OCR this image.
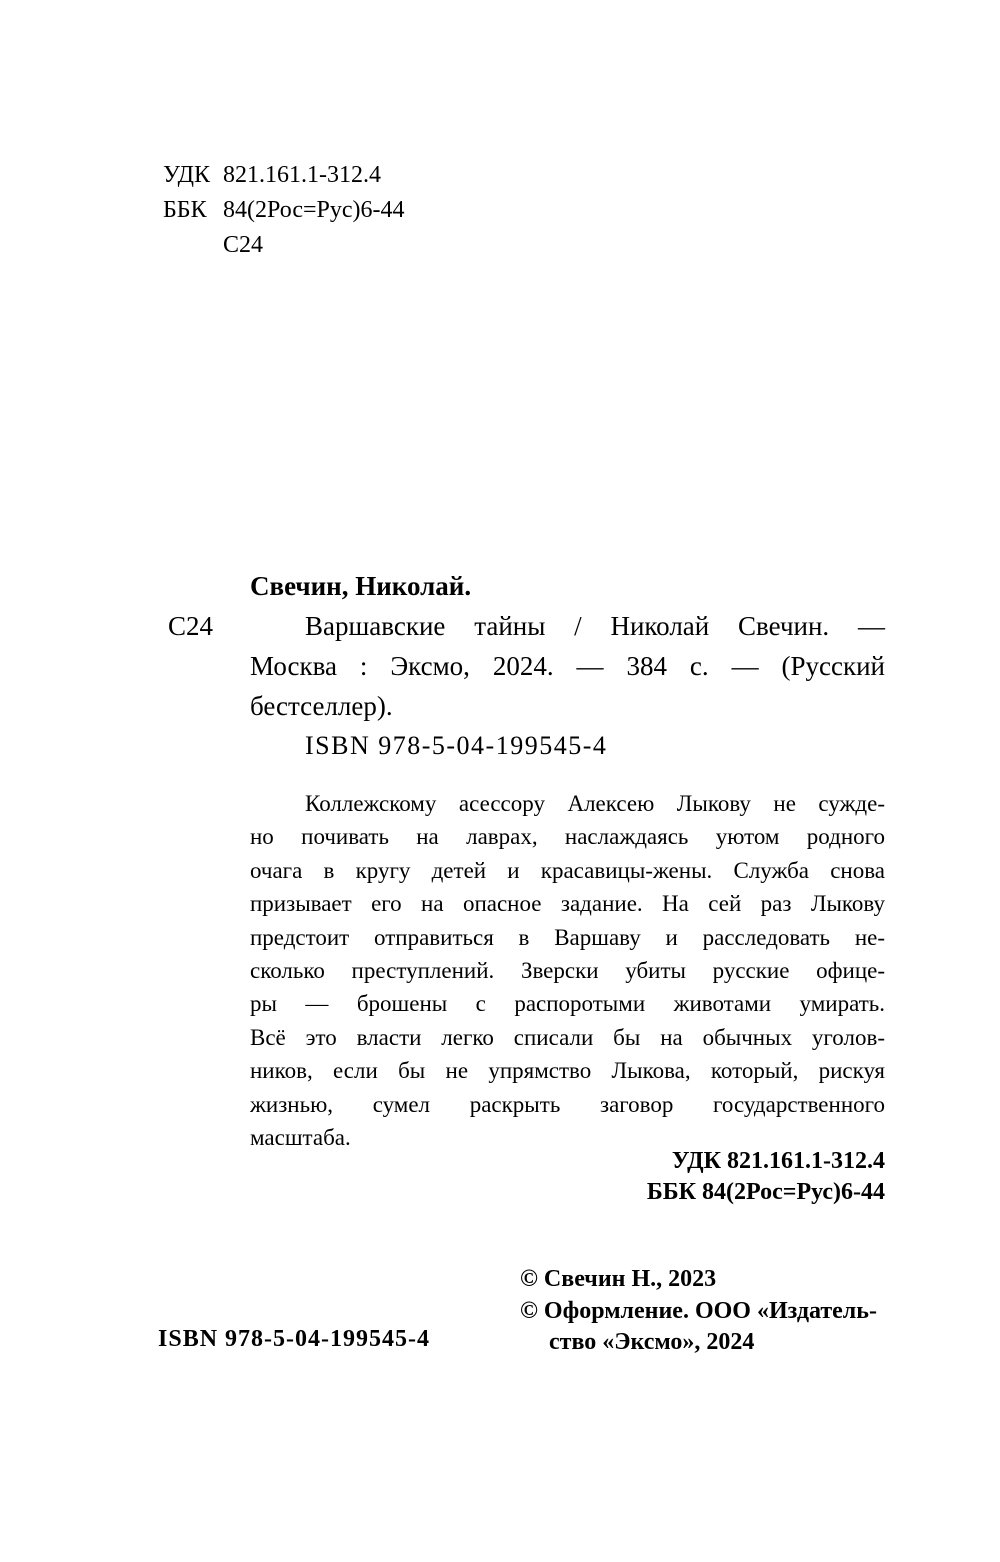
УДК 821.161.1-312.4
ББК 84(2Рос=Рус)6-44
С24
С24
Свечин, Николай.
Варшавские тайны / Николай Свечин. —
Москва : Эксмо, 2024. — 384 с. — (Русский
бестселлер).
ISBN 978-5-04-199545-4
Коллежскому асессору Алексею Лыкову не сужде-
но почивать на лаврах, наслаждаясь уютом родного
очага в кругу детей и красавицы-жены. Служба снова
призывает его на опасное задание. На сей раз Лыкову
предстоит отправиться в Варшаву и расследовать не-
сколько преступлений. Зверски убиты русские офице-
ры — брошены с распоротыми животами умирать.
Всё это власти легко списали бы на обычных уголов-
ников, если бы не упрямство Лыкова, который, рискуя
жизнью, сумел раскрыть заговор государственного
масштаба.
УДК 821.161.1-312.4
ББК 84(2Рос=Рус)6-44
ISBN 978-5-04-199545-4
© Свечин Н., 2023
© Оформление. ООО «Издатель-
ство «Эксмо», 2024
